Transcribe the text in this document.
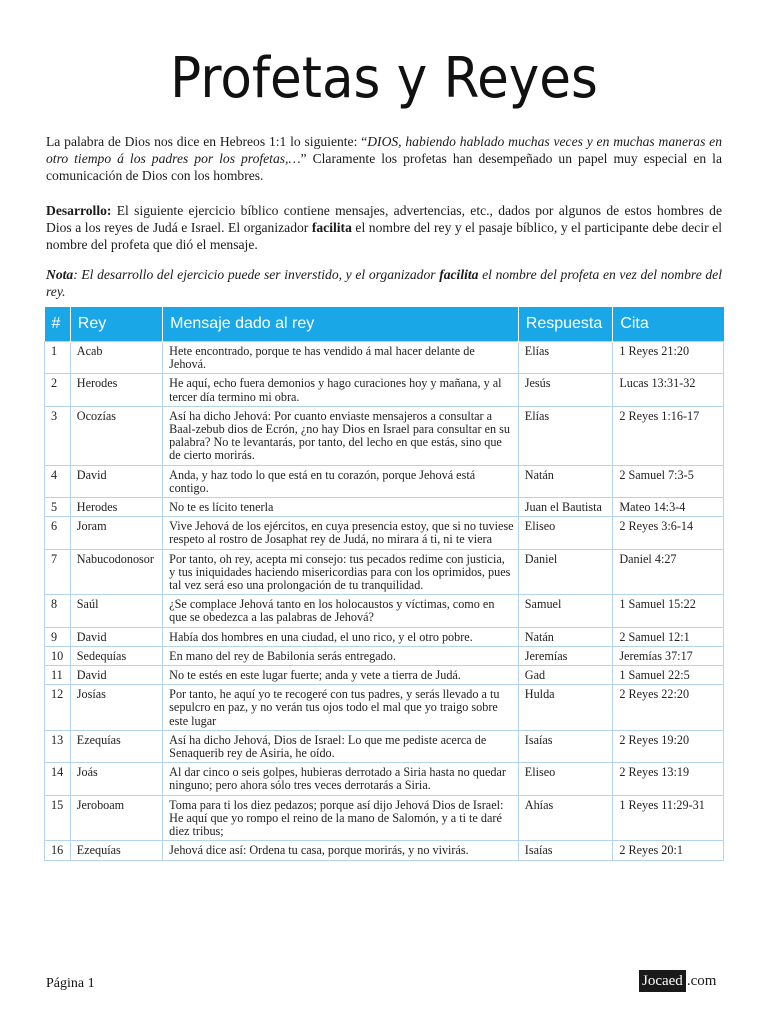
Profetas y Reyes

La palabra de Dios nos dice en Hebreos 1:1 lo siguiente: “DIOS, habiendo hablado muchas veces y en muchas maneras en otro tiempo á los padres por los profetas,…” Claramente los profetas han desempeñado un papel muy especial en la comunicación de Dios con los hombres.

Desarrollo: El siguiente ejercicio bíblico contiene mensajes, advertencias, etc., dados por algunos de estos hombres de Dios a los reyes de Judá e Israel. El organizador facilita el nombre del rey y el pasaje bíblico, y el participante debe decir el nombre del profeta que dió el mensaje.

Nota: El desarrollo del ejercicio puede ser inverstido, y el organizador facilita el nombre del profeta en vez del nombre del rey.

#	Rey	Mensaje dado al rey	Respuesta	Cita
1	Acab	Hete encontrado, porque te has vendido á mal hacer delante de Jehová.	Elías	1 Reyes 21:20
2	Herodes	He aquí, echo fuera demonios y hago curaciones hoy y mañana, y al tercer día termino mi obra.	Jesús	Lucas 13:31-32
3	Ocozías	Así ha dicho Jehová: Por cuanto enviaste mensajeros a consultar a Baal-zebub dios de Ecrón, ¿no hay Dios en Israel para consultar en su palabra? No te levantarás, por tanto, del lecho en que estás, sino que de cierto morirás.	Elías	2 Reyes 1:16-17
4	David	Anda, y haz todo lo que está en tu corazón, porque Jehová está contigo.	Natán	2 Samuel 7:3-5
5	Herodes	No te es lícito tenerla	Juan el Bautista	Mateo 14:3-4
6	Joram	Vive Jehová de los ejércitos, en cuya presencia estoy, que si no tuviese respeto al rostro de Josaphat rey de Judá, no mirara á ti, ni te viera	Eliseo	2 Reyes 3:6-14
7	Nabucodonosor	Por tanto, oh rey, acepta mi consejo: tus pecados redime con justicia, y tus iniquidades haciendo misericordias para con los oprimidos, pues tal vez será eso una prolongación de tu tranquilidad.	Daniel	Daniel 4:27
8	Saúl	¿Se complace Jehová tanto en los holocaustos y víctimas, como en que se obedezca a las palabras de Jehová?	Samuel	1 Samuel 15:22
9	David	Había dos hombres en una ciudad, el uno rico, y el otro pobre.	Natán	2 Samuel 12:1
10	Sedequías	En mano del rey de Babilonia serás entregado.	Jeremías	Jeremías 37:17
11	David	No te estés en este lugar fuerte; anda y vete a tierra de Judá.	Gad	1 Samuel 22:5
12	Josías	Por tanto, he aquí yo te recogeré con tus padres, y serás llevado a tu sepulcro en paz, y no verán tus ojos todo el mal que yo traigo sobre este lugar	Hulda	2 Reyes 22:20
13	Ezequías	Así ha dicho Jehová, Dios de Israel: Lo que me pediste acerca de Senaquerib rey de Asiria, he oído.	Isaías	2 Reyes 19:20
14	Joás	Al dar cinco o seis golpes, hubieras derrotado a Siria hasta no quedar ninguno; pero ahora sólo tres veces derrotarás a Siria.	Eliseo	2 Reyes 13:19
15	Jeroboam	Toma para ti los diez pedazos; porque así dijo Jehová Dios de Israel: He aquí que yo rompo el reino de la mano de Salomón, y a ti te daré diez tribus;	Ahías	1 Reyes 11:29-31
16	Ezequías	Jehová dice así: Ordena tu casa, porque morirás, y no vivirás.	Isaías	2 Reyes 20:1
Página 1	Jocaed .com
